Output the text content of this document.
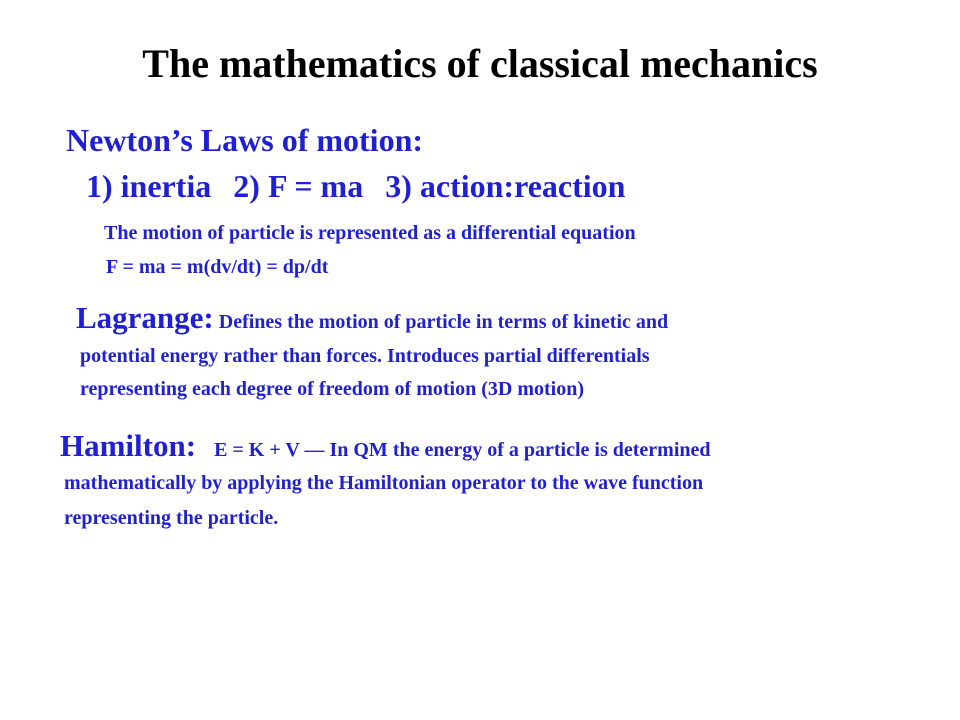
The mathematics of classical mechanics
Newton’s Laws of motion:
1) inertia 2) F = ma 3) action:reaction
The motion of particle is represented as a differential equation
F = ma = m(dv/dt) = dp/dt
Lagrange: Defines the motion of particle in terms of kinetic and
potential energy rather than forces. Introduces partial differentials
representing each degree of freedom of motion (3D motion)
Hamilton: E = K + V — In QM the energy of a particle is determined
mathematically by applying the Hamiltonian operator to the wave function
representing the particle.
